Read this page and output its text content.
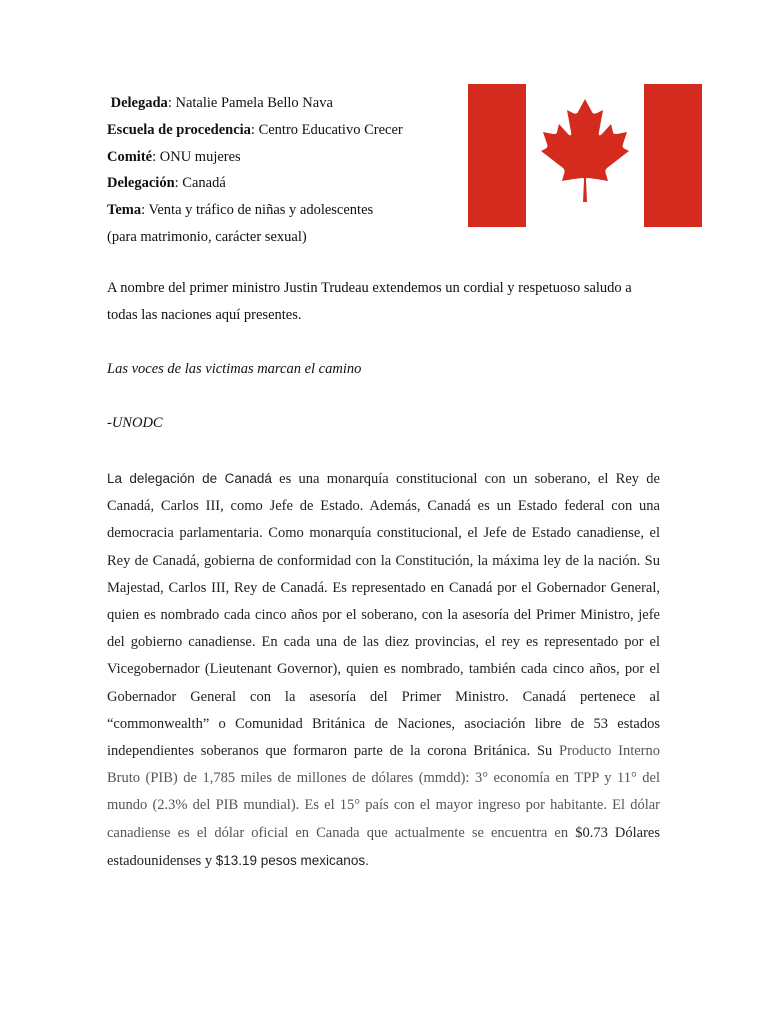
Delegada: Natalie Pamela Bello Nava
Escuela de procedencia: Centro Educativo Crecer
Comité: ONU mujeres
Delegación: Canadá
Tema: Venta y tráfico de niñas y adolescentes
(para matrimonio, carácter sexual)

A nombre del primer ministro Justin Trudeau extendemos un cordial y respetuoso saludo a todas las naciones aquí presentes.

Las voces de las victimas marcan el camino

-UNODC

La delegación de Canadá es una monarquía constitucional con un soberano, el Rey de Canadá, Carlos III, como Jefe de Estado. Además, Canadá es un Estado federal con una democracia parlamentaria. Como monarquía constitucional, el Jefe de Estado canadiense, el Rey de Canadá, gobierna de conformidad con la Constitución, la máxima ley de la nación. Su Majestad, Carlos III, Rey de Canadá. Es representado en Canadá por el Gobernador General, quien es nombrado cada cinco años por el soberano, con la asesoría del Primer Ministro, jefe del gobierno canadiense. En cada una de las diez provincias, el rey es representado por el Vicegobernador (Lieutenant Governor), quien es nombrado, también cada cinco años, por el Gobernador General con la asesoría del Primer Ministro. Canadá pertenece al “commonwealth” o Comunidad Británica de Naciones, asociación libre de 53 estados independientes soberanos que formaron parte de la corona Británica. Su Producto Interno Bruto (PIB) de 1,785 miles de millones de dólares (mmdd): 3° economía en TPP y 11° del mundo (2.3% del PIB mundial). Es el 15° país con el mayor ingreso por habitante. El dólar canadiense es el dólar oficial en Canada que actualmente se encuentra en $0.73 Dólares estadounidenses y $13.19 pesos mexicanos.
